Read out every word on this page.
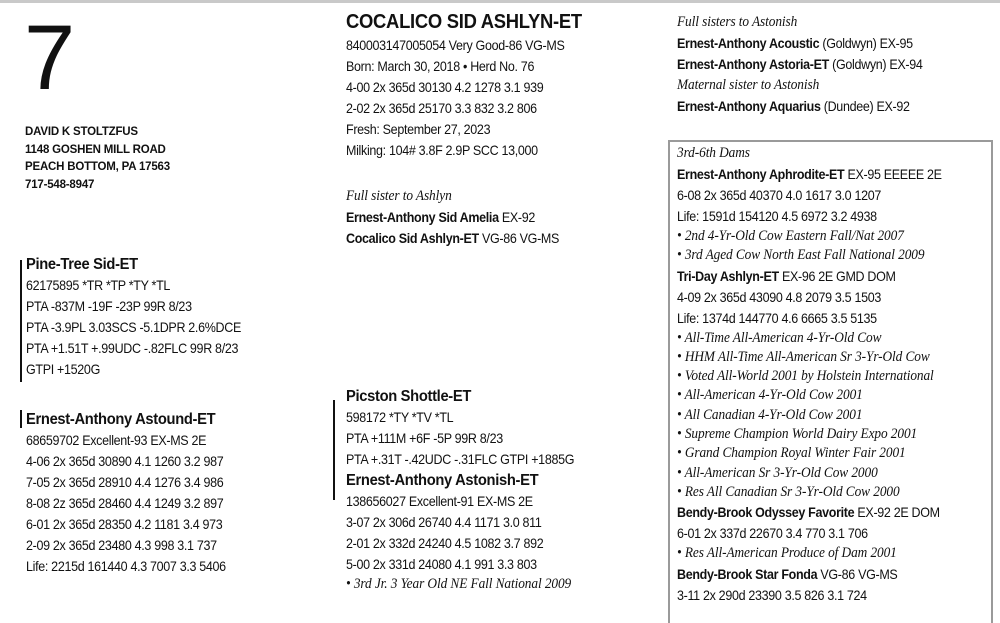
7
DAVID K STOLTZFUS
1148 GOSHEN MILL ROAD
PEACH BOTTOM, PA 17563
717-548-8947
Pine-Tree Sid-ET
62175895 *TR *TP *TY *TL
PTA -837M -19F -23P 99R 8/23
PTA -3.9PL 3.03SCS -5.1DPR 2.6%DCE
PTA +1.51T +.99UDC -.82FLC 99R 8/23
GTPI +1520G
Ernest-Anthony Astound-ET
68659702 Excellent-93 EX-MS 2E
4-06 2x 365d 30890 4.1 1260 3.2 987
7-05 2x 365d 28910 4.4 1276 3.4 986
8-08 2z 365d 28460 4.4 1249 3.2 897
6-01 2x 365d 28350 4.2 1181 3.4 973
2-09 2x 365d 23480 4.3 998 3.1 737
Life: 2215d 161440 4.3 7007 3.3 5406
COCALICO SID ASHLYN-ET
840003147005054 Very Good-86 VG-MS
Born: March 30, 2018 • Herd No. 76
4-00 2x 365d 30130 4.2 1278 3.1 939
2-02 2x 365d 25170 3.3 832 3.2 806
Fresh: September 27, 2023
Milking: 104# 3.8F 2.9P SCC 13,000
Full sister to Ashlyn
Ernest-Anthony Sid Amelia EX-92
Cocalico Sid Ashlyn-ET VG-86 VG-MS
Picston Shottle-ET
598172 *TY *TV *TL
PTA +111M +6F -5P 99R 8/23
PTA +.31T -.42UDC -.31FLC GTPI +1885G
Ernest-Anthony Astonish-ET
138656027 Excellent-91 EX-MS 2E
3-07 2x 306d 26740 4.4 1171 3.0 811
2-01 2x 332d 24240 4.5 1082 3.7 892
5-00 2x 331d 24080 4.1 991 3.3 803
• 3rd Jr. 3 Year Old NE Fall National 2009
Full sisters to Astonish
Ernest-Anthony Acoustic (Goldwyn) EX-95
Ernest-Anthony Astoria-ET (Goldwyn) EX-94
Maternal sister to Astonish
Ernest-Anthony Aquarius (Dundee) EX-92
3rd-6th Dams
Ernest-Anthony Aphrodite-ET EX-95 EEEEE 2E
6-08 2x 365d 40370 4.0 1617 3.0 1207
Life: 1591d 154120 4.5 6972 3.2 4938
• 2nd 4-Yr-Old Cow Eastern Fall/Nat 2007
• 3rd Aged Cow North East Fall National 2009
Tri-Day Ashlyn-ET EX-96 2E GMD DOM
4-09 2x 365d 43090 4.8 2079 3.5 1503
Life: 1374d 144770 4.6 6665 3.5 5135
• All-Time All-American 4-Yr-Old Cow
• HHM All-Time All-American Sr 3-Yr-Old Cow
• Voted All-World 2001 by Holstein International
• All-American 4-Yr-Old Cow 2001
• All Canadian 4-Yr-Old Cow 2001
• Supreme Champion World Dairy Expo 2001
• Grand Champion Royal Winter Fair 2001
• All-American Sr 3-Yr-Old Cow 2000
• Res All Canadian Sr 3-Yr-Old Cow 2000
Bendy-Brook Odyssey Favorite EX-92 2E DOM
6-01 2x 337d 22670 3.4 770 3.1 706
• Res All-American Produce of Dam 2001
Bendy-Brook Star Fonda VG-86 VG-MS
3-11 2x 290d 23390 3.5 826 3.1 724
